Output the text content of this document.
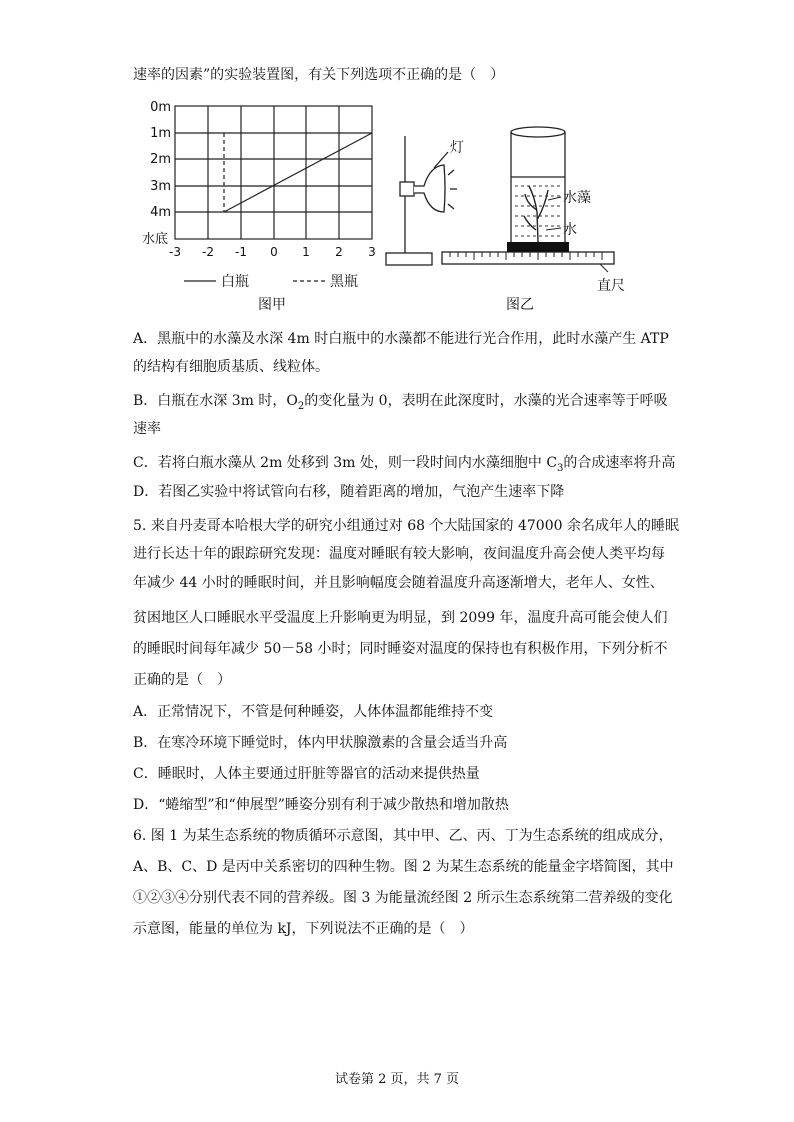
速率的因素”的实验装置图，有关下列选项不正确的是（　）
0m
1m
2m
3m
4m
水底
-3 -2 -1 0 1 2 3
白瓶	黑瓶
图甲
灯
水藻
水
直尺
图乙
A．黑瓶中的水藻及水深 4m 时白瓶中的水藻都不能进行光合作用，此时水藻产生 ATP
的结构有细胞质基质、线粒体。
B．白瓶在水深 3m 时，$O_2$的变化量为 0，表明在此深度时，水藻的光合速率等于呼吸
速率
C．若将白瓶水藻从 2m 处移到 3m 处，则一段时间内水藻细胞中 $C_3$的合成速率将升高
D．若图乙实验中将试管向右移，随着距离的增加，气泡产生速率下降
5. 来自丹麦哥本哈根大学的研究小组通过对 68 个大陆国家的 47000 余名成年人的睡眠
进行长达十年的跟踪研究发现：温度对睡眠有较大影响，夜间温度升高会使人类平均每
年减少 44 小时的睡眠时间，并且影响幅度会随着温度升高逐渐增大，老年人、女性、
贫困地区人口睡眠水平受温度上升影响更为明显，到 2099 年，温度升高可能会使人们
的睡眠时间每年减少 50－58 小时；同时睡姿对温度的保持也有积极作用，下列分析不
正确的是（　）
A．正常情况下，不管是何种睡姿，人体体温都能维持不变
B．在寒冷环境下睡觉时，体内甲状腺激素的含量会适当升高
C．睡眠时，人体主要通过肝脏等器官的活动来提供热量
D．“蜷缩型”和“伸展型”睡姿分别有利于减少散热和增加散热
6. 图 1 为某生态系统的物质循环示意图，其中甲、乙、丙、丁为生态系统的组成成分，
A、B、C、D 是丙中关系密切的四种生物。图 2 为某生态系统的能量金字塔简图，其中
①②③④分别代表不同的营养级。图 3 为能量流经图 2 所示生态系统第二营养级的变化
示意图，能量的单位为 kJ，下列说法不正确的是（　）
试卷第 2 页，共 7 页
